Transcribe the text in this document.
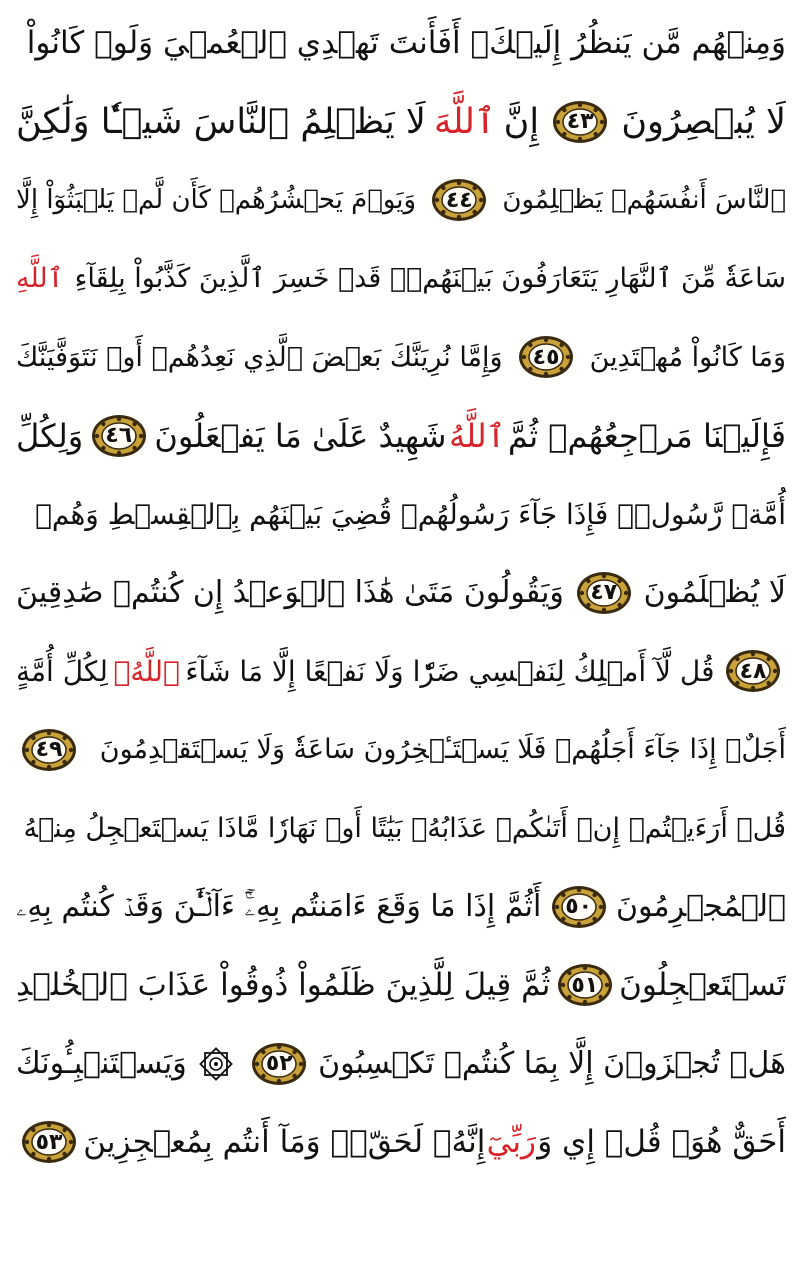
وَمِنۡهُم مَّن يَنظُرُ إِلَيۡكَۚ أَفَأَنتَ تَهۡدِي ٱلۡعُمۡيَ وَلَوۡ كَانُواْ
لَا يُبۡصِرُونَ
٤٣
إِنَّ
ٱللَّهَ
لَا يَظۡلِمُ ٱلنَّاسَ شَيۡـٔٗا وَلَٰكِنَّ
ٱلنَّاسَ أَنفُسَهُمۡ يَظۡلِمُونَ
٤٤
وَيَوۡمَ يَحۡشُرُهُمۡ كَأَن لَّمۡ يَلۡبَثُوٓاْ إِلَّا
سَاعَةٗ مِّنَ ٱلنَّهَارِ يَتَعَارَفُونَ بَيۡنَهُمۡۚ قَدۡ خَسِرَ ٱلَّذِينَ كَذَّبُواْ بِلِقَآءِ
ٱللَّهِ
وَمَا كَانُواْ مُهۡتَدِينَ
٤٥
وَإِمَّا نُرِيَنَّكَ بَعۡضَ ٱلَّذِي نَعِدُهُمۡ أَوۡ نَتَوَفَّيَنَّكَ
فَإِلَيۡنَا مَرۡجِعُهُمۡ ثُمَّ
ٱللَّهُ
شَهِيدٌ عَلَىٰ مَا يَفۡعَلُونَ
٤٦
وَلِكُلِّ
أُمَّةٖ رَّسُولٞۖ فَإِذَا جَآءَ رَسُولُهُمۡ قُضِيَ بَيۡنَهُم بِٱلۡقِسۡطِ وَهُمۡ
لَا يُظۡلَمُونَ
٤٧
وَيَقُولُونَ مَتَىٰ هَٰذَا ٱلۡوَعۡدُ إِن كُنتُمۡ صَٰدِقِينَ
٤٨
قُل لَّآ أَمۡلِكُ لِنَفۡسِي ضَرّٗا وَلَا نَفۡعًا إِلَّا مَا شَآءَ
ٱللَّهُۗ
لِكُلِّ أُمَّةٍ
أَجَلٌۚ إِذَا جَآءَ أَجَلُهُمۡ فَلَا يَسۡتَـٔۡخِرُونَ سَاعَةٗ وَلَا يَسۡتَقۡدِمُونَ
٤٩
قُلۡ أَرَءَيۡتُمۡ إِنۡ أَتَىٰكُمۡ عَذَابُهُۥ بَيَٰتًا أَوۡ نَهَارٗا مَّاذَا يَسۡتَعۡجِلُ مِنۡهُ
ٱلۡمُجۡرِمُونَ
٥٠
أَثُمَّ إِذَا مَا وَقَعَ ءَامَنتُم بِهِۦٓۚ ءَآلۡـَٰٔنَ وَقَدۡ كُنتُم بِهِۦ
تَسۡتَعۡجِلُونَ
٥١
ثُمَّ قِيلَ لِلَّذِينَ ظَلَمُواْ ذُوقُواْ عَذَابَ ٱلۡخُلۡدِ
هَلۡ تُجۡزَوۡنَ إِلَّا بِمَا كُنتُمۡ تَكۡسِبُونَ
٥٢
وَيَسۡتَنۢبِـُٔونَكَ
أَحَقٌّ هُوَۖ قُلۡ إِي وَ
رَبِّيٓ
إِنَّهُۥ لَحَقّٞۖ وَمَآ أَنتُم بِمُعۡجِزِينَ
٥٣
